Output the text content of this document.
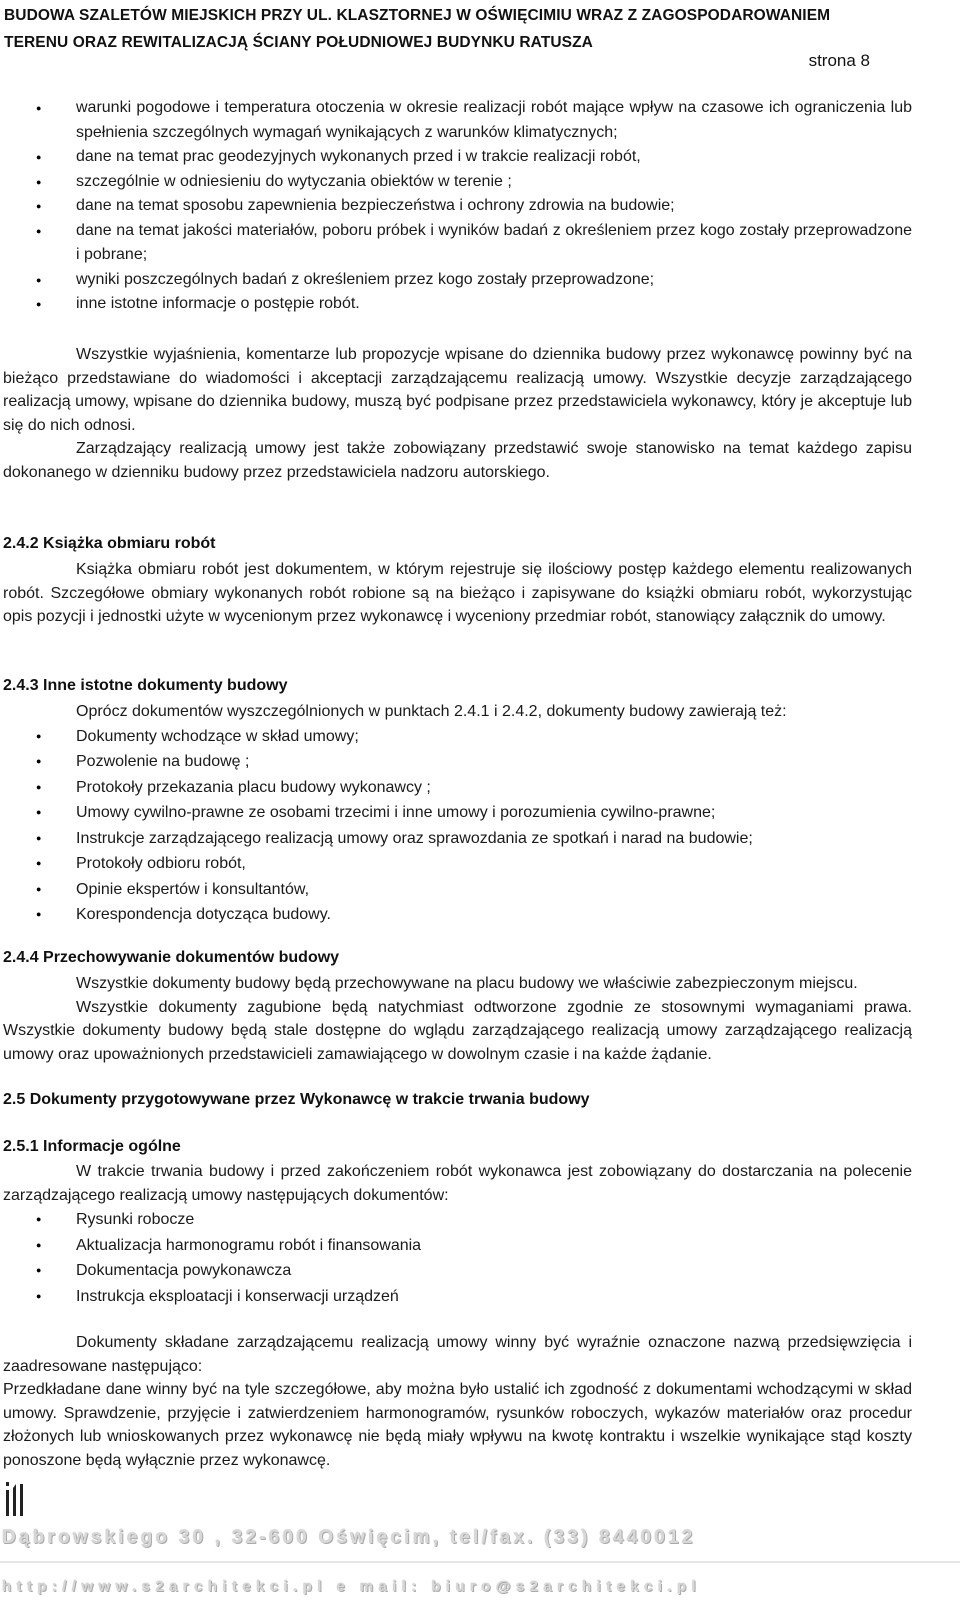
BUDOWA SZALETÓW MIEJSKICH PRZY UL. KLASZTORNEJ W OŚWIĘCIMIU WRAZ Z ZAGOSPODAROWANIEM
TERENU ORAZ REWITALIZACJĄ ŚCIANY POŁUDNIOWEJ BUDYNKU RATUSZA
strona 8
● warunki pogodowe i temperatura otoczenia w okresie realizacji robót mające wpływ na czasowe ich ograniczenia lub spełnienia szczególnych wymagań wynikających z warunków klimatycznych;
● dane na temat prac geodezyjnych wykonanych przed i w trakcie realizacji robót,
● szczególnie w odniesieniu do wytyczania obiektów w terenie ;
● dane na temat sposobu zapewnienia bezpieczeństwa i ochrony zdrowia na budowie;
● dane na temat jakości materiałów, poboru próbek i wyników badań z określeniem przez kogo zostały przeprowadzone i pobrane;
● wyniki poszczególnych badań z określeniem przez kogo zostały przeprowadzone;
● inne istotne informacje o postępie robót.

Wszystkie wyjaśnienia, komentarze lub propozycje wpisane do dziennika budowy przez wykonawcę powinny być na bieżąco przedstawiane do wiadomości i akceptacji zarządzającemu realizacją umowy. Wszystkie decyzje zarządzającego realizacją umowy, wpisane do dziennika budowy, muszą być podpisane przez przedstawiciela wykonawcy, który je akceptuje lub się do nich odnosi.

Zarządzający realizacją umowy jest także zobowiązany przedstawić swoje stanowisko na temat każdego zapisu dokonanego w dzienniku budowy przez przedstawiciela nadzoru autorskiego.

2.4.2 Książka obmiaru robót

Książka obmiaru robót jest dokumentem, w którym rejestruje się ilościowy postęp każdego elementu realizowanych robót. Szczegółowe obmiary wykonanych robót robione są na bieżąco i zapisywane do książki obmiaru robót, wykorzystując opis pozycji i jednostki użyte w wycenionym przez wykonawcę i wyceniony przedmiar robót, stanowiący załącznik do umowy.

2.4.3 Inne istotne dokumenty budowy

Oprócz dokumentów wyszczególnionych w punktach 2.4.1 i 2.4.2, dokumenty budowy zawierają też:

● Dokumenty wchodzące w skład umowy;
● Pozwolenie na budowę ;
● Protokoły przekazania placu budowy wykonawcy ;
● Umowy cywilno-prawne ze osobami trzecimi i inne umowy i porozumienia cywilno-prawne;
● Instrukcje zarządzającego realizacją umowy oraz sprawozdania ze spotkań i narad na budowie;
● Protokoły odbioru robót,
● Opinie ekspertów i konsultantów,
● Korespondencja dotycząca budowy.
2.4.4 Przechowywanie dokumentów budowy

Wszystkie dokumenty budowy będą przechowywane na placu budowy we właściwie zabezpieczonym miejscu.

Wszystkie dokumenty zagubione będą natychmiast odtworzone zgodnie ze stosownymi wymaganiami prawa. Wszystkie dokumenty budowy będą stale dostępne do wglądu zarządzającego realizacją umowy zarządzającego realizacją umowy oraz upoważnionych przedstawicieli zamawiającego w dowolnym czasie i na każde żądanie.

2.5 Dokumenty przygotowywane przez Wykonawcę w trakcie trwania budowy
2.5.1 Informacje ogólne

W trakcie trwania budowy i przed zakończeniem robót wykonawca jest zobowiązany do dostarczania na polecenie zarządzającego realizacją umowy następujących dokumentów:

● Rysunki robocze
● Aktualizacja harmonogramu robót i finansowania
● Dokumentacja powykonawcza
● Instrukcja eksploatacji i konserwacji urządzeń

Dokumenty składane zarządzającemu realizacją umowy winny być wyraźnie oznaczone nazwą przedsięwzięcia i zaadresowane następująco:

Przedkładane dane winny być na tyle szczegółowe, aby można było ustalić ich zgodność z dokumentami wchodzącymi w skład umowy. Sprawdzenie, przyjęcie i zatwierdzeniem harmonogramów, rysunków roboczych, wykazów materiałów oraz procedur złożonych lub wnioskowanych przez wykonawcę nie będą miały wpływu na kwotę kontraktu i wszelkie wynikające stąd koszty ponoszone będą wyłącznie przez wykonawcę.

Dąbrowskiego 30 , 32-600 Oświęcim, tel/fax. (33) 8440012
http://www.s2architekci.pl e mail: biuro@s2architekci.pl
